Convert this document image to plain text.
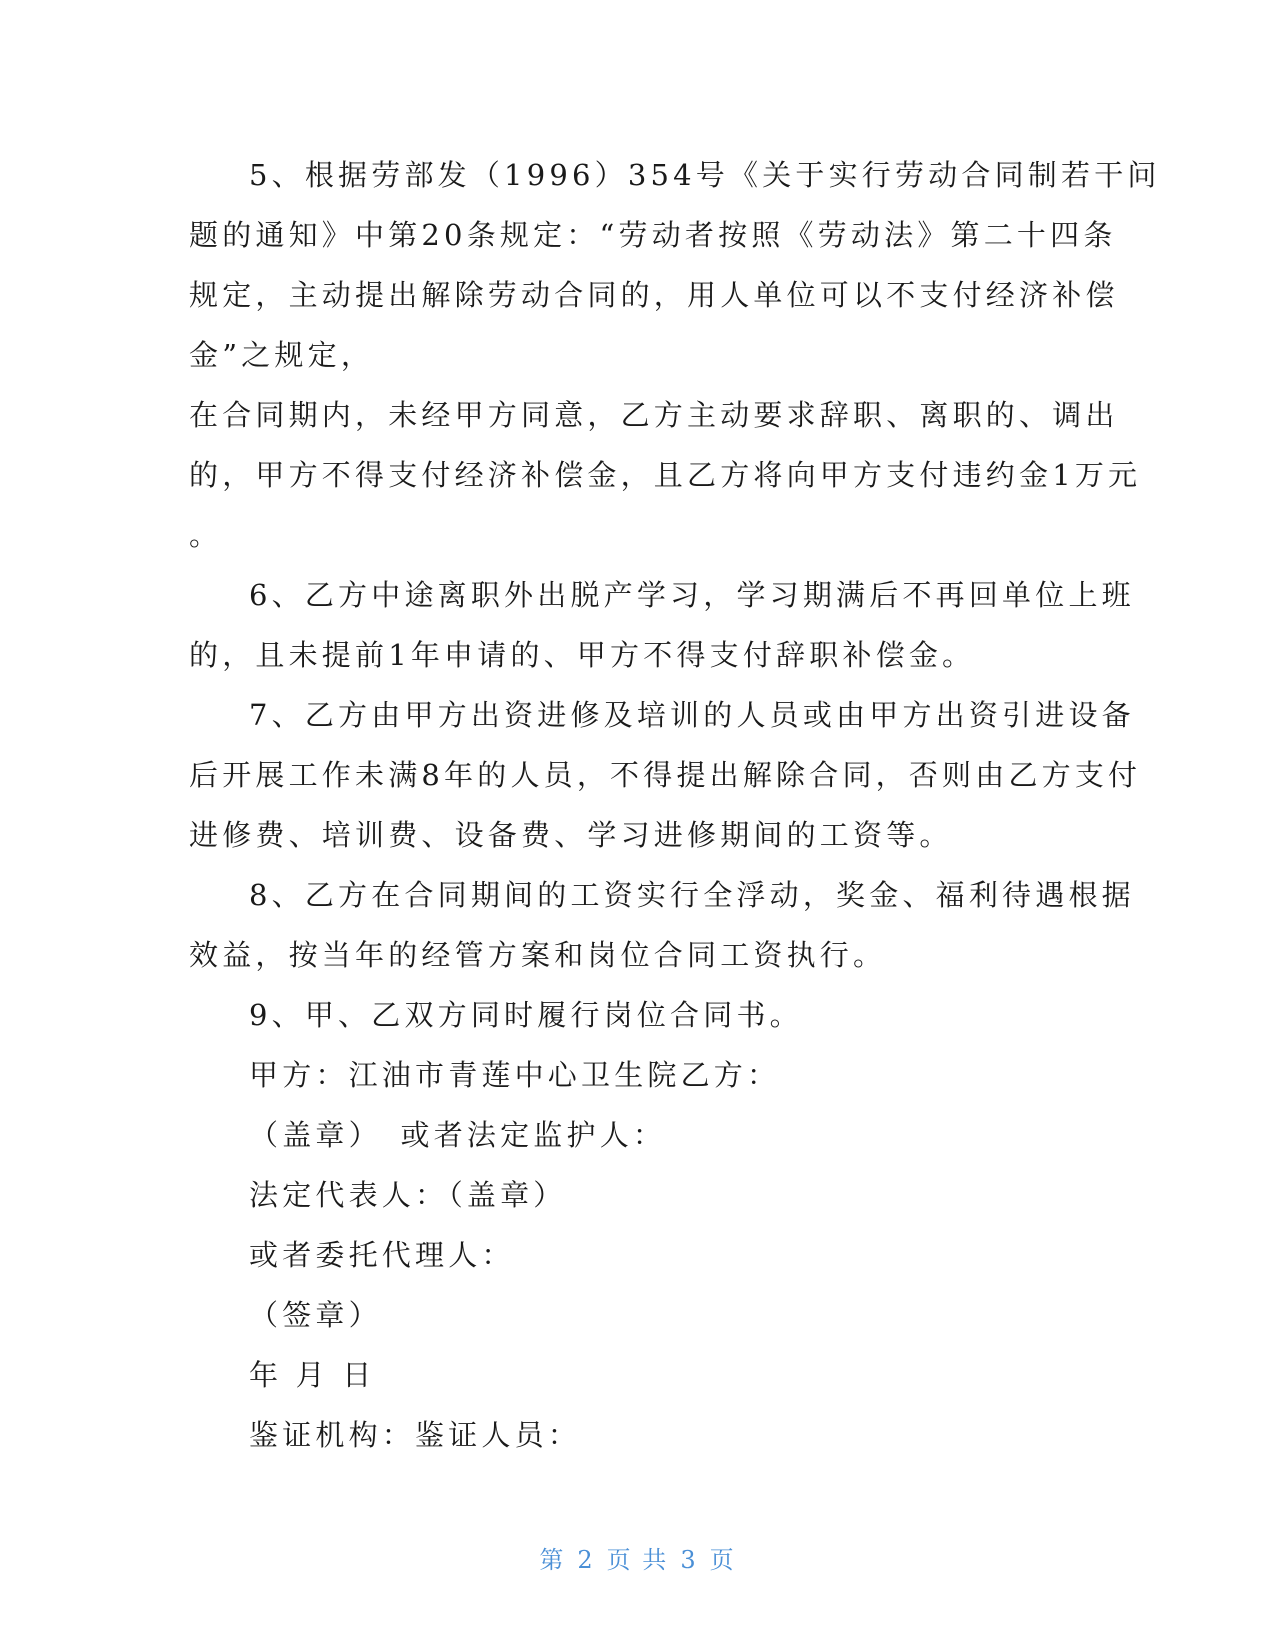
5、根据劳部发（1996）354号《关于实行劳动合同制若干问
题的通知》中第20条规定：“劳动者按照《劳动法》第二十四条
规定，主动提出解除劳动合同的，用人单位可以不支付经济补偿
金”之规定，
在合同期内，未经甲方同意，乙方主动要求辞职、离职的、调出
的，甲方不得支付经济补偿金，且乙方将向甲方支付违约金1万元
。
6、乙方中途离职外出脱产学习，学习期满后不再回单位上班
的，且未提前1年申请的、甲方不得支付辞职补偿金。
7、乙方由甲方出资进修及培训的人员或由甲方出资引进设备
后开展工作未满8年的人员，不得提出解除合同，否则由乙方支付
进修费、培训费、设备费、学习进修期间的工资等。
8、乙方在合同期间的工资实行全浮动，奖金、福利待遇根据
效益，按当年的经管方案和岗位合同工资执行。
9、甲、乙双方同时履行岗位合同书。
甲方：江油市青莲中心卫生院乙方：
（盖章）　或者法定监护人：
法定代表人：（盖章）
或者委托代理人：
（签章）
年 月 日
鉴证机构：鉴证人员：
第 2 页 共 3 页
